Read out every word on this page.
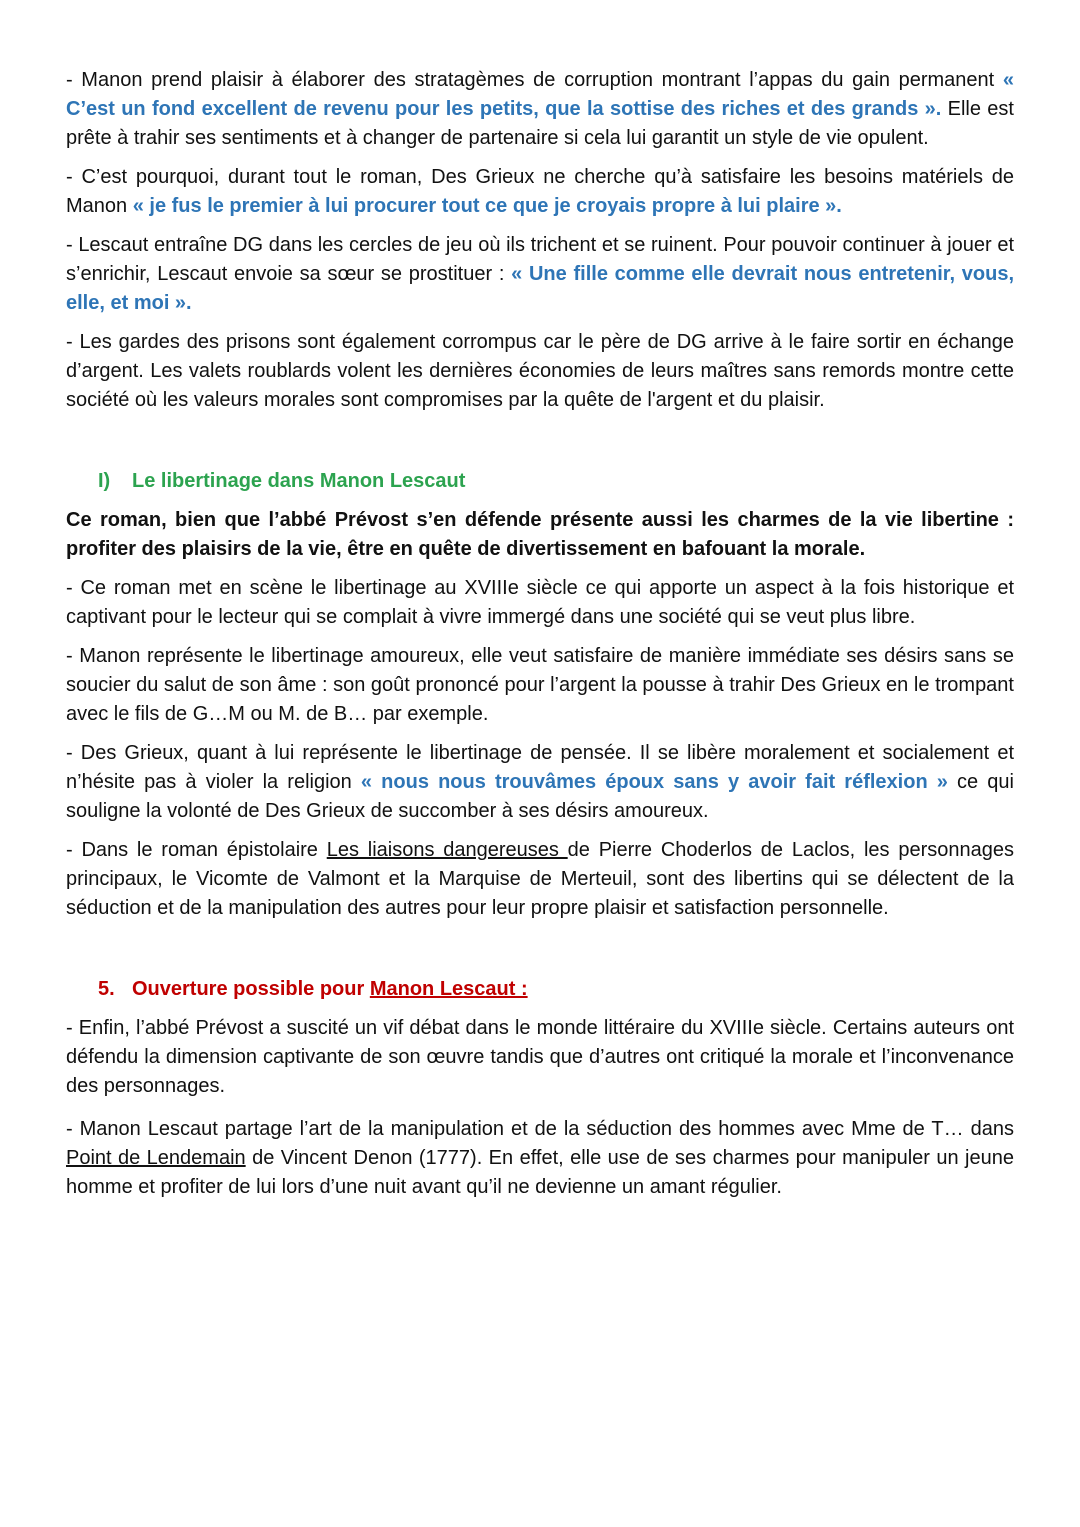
- Manon prend plaisir à élaborer des stratagèmes de corruption montrant l’appas du gain permanent « C’est un fond excellent de revenu pour les petits, que la sottise des riches et des grands ». Elle est prête à trahir ses sentiments et à changer de partenaire si cela lui garantit un style de vie opulent.

- C’est pourquoi, durant tout le roman, Des Grieux ne cherche qu’à satisfaire les besoins matériels de Manon « je fus le premier à lui procurer tout ce que je croyais propre à lui plaire ».

- Lescaut entraîne DG dans les cercles de jeu où ils trichent et se ruinent. Pour pouvoir continuer à jouer et s’enrichir, Lescaut envoie sa sœur se prostituer : « Une fille comme elle devrait nous entretenir, vous, elle, et moi ».

- Les gardes des prisons sont également corrompus car le père de DG arrive à le faire sortir en échange d’argent. Les valets roublards volent les dernières économies de leurs maîtres sans remords montre cette société où les valeurs morales sont compromises par la quête de l'argent et du plaisir.

I) Le libertinage dans Manon Lescaut

Ce roman, bien que l’abbé Prévost s’en défende présente aussi les charmes de la vie libertine : profiter des plaisirs de la vie, être en quête de divertissement en bafouant la morale.

- Ce roman met en scène le libertinage au XVIIIe siècle ce qui apporte un aspect à la fois historique et captivant pour le lecteur qui se complait à vivre immergé dans une société qui se veut plus libre.

- Manon représente le libertinage amoureux, elle veut satisfaire de manière immédiate ses désirs sans se soucier du salut de son âme : son goût prononcé pour l’argent la pousse à trahir Des Grieux en le trompant avec le fils de G…M ou M. de B… par exemple.

- Des Grieux, quant à lui représente le libertinage de pensée. Il se libère moralement et socialement et n’hésite pas à violer la religion « nous nous trouvâmes époux sans y avoir fait réflexion » ce qui souligne la volonté de Des Grieux de succomber à ses désirs amoureux.

- Dans le roman épistolaire Les liaisons dangereuses de Pierre Choderlos de Laclos, les personnages principaux, le Vicomte de Valmont et la Marquise de Merteuil, sont des libertins qui se délectent de la séduction et de la manipulation des autres pour leur propre plaisir et satisfaction personnelle.

5. Ouverture possible pour Manon Lescaut :

- Enfin, l’abbé Prévost a suscité un vif débat dans le monde littéraire du XVIIIe siècle. Certains auteurs ont défendu la dimension captivante de son œuvre tandis que d’autres ont critiqué la morale et l’inconvenance des personnages.

- Manon Lescaut partage l’art de la manipulation et de la séduction des hommes avec Mme de T… dans Point de Lendemain de Vincent Denon (1777). En effet, elle use de ses charmes pour manipuler un jeune homme et profiter de lui lors d’une nuit avant qu’il ne devienne un amant régulier.
